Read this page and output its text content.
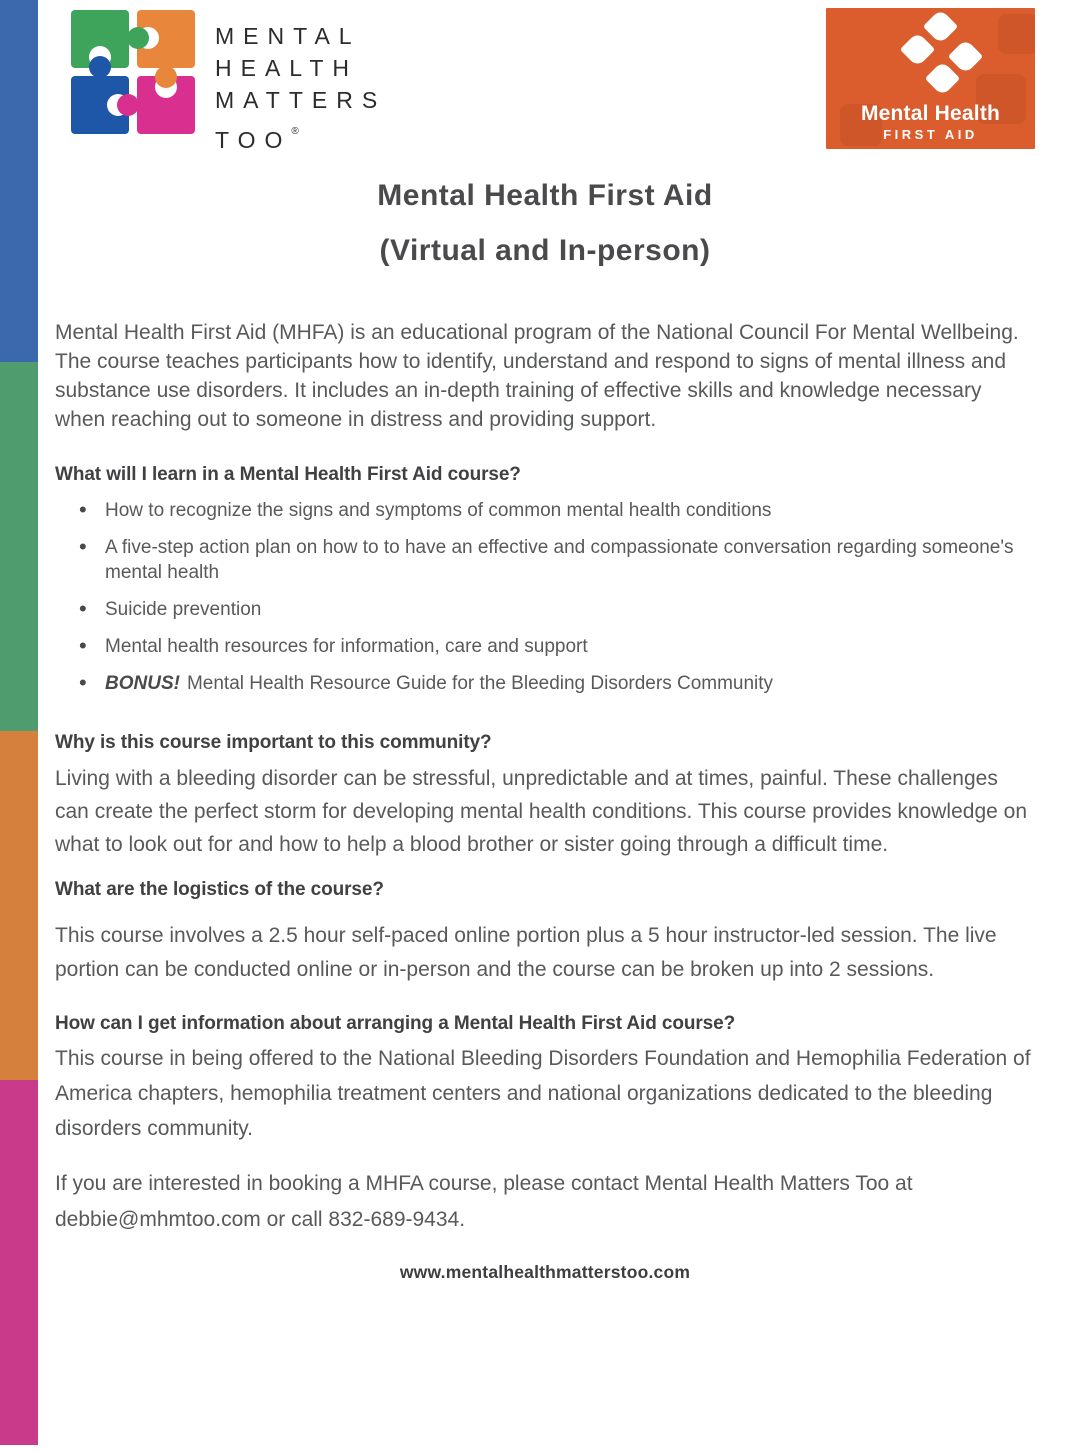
MENTAL
HEALTH
MATTERS
TOO®
Mental Health
FIRST AID
Mental Health First Aid
(Virtual and In-person)

Mental Health First Aid (MHFA) is an educational program of the National Council For Mental Wellbeing. The course teaches participants how to identify, understand and respond to signs of mental illness and substance use disorders. It includes an in-depth training of effective skills and knowledge necessary when reaching out to someone in distress and providing support.

What will I learn in a Mental Health First Aid course?
• How to recognize the signs and symptoms of common mental health conditions
• A five-step action plan on how to to have an effective and compassionate conversation regarding someone's mental health
• Suicide prevention
• Mental health resources for information, care and support
• BONUS! Mental Health Resource Guide for the Bleeding Disorders Community
Why is this course important to this community?

Living with a bleeding disorder can be stressful, unpredictable and at times, painful. These challenges can create the perfect storm for developing mental health conditions. This course provides knowledge on what to look out for and how to help a blood brother or sister going through a difficult time.

What are the logistics of the course?

This course involves a 2.5 hour self-paced online portion plus a 5 hour instructor-led session. The live portion can be conducted online or in-person and the course can be broken up into 2 sessions.

How can I get information about arranging a Mental Health First Aid course?

This course in being offered to the National Bleeding Disorders Foundation and Hemophilia Federation of America chapters, hemophilia treatment centers and national organizations dedicated to the bleeding disorders community.

If you are interested in booking a MHFA course, please contact Mental Health Matters Too at debbie@mhmtoo.com or call 832-689-9434.

www.mentalhealthmatterstoo.com
